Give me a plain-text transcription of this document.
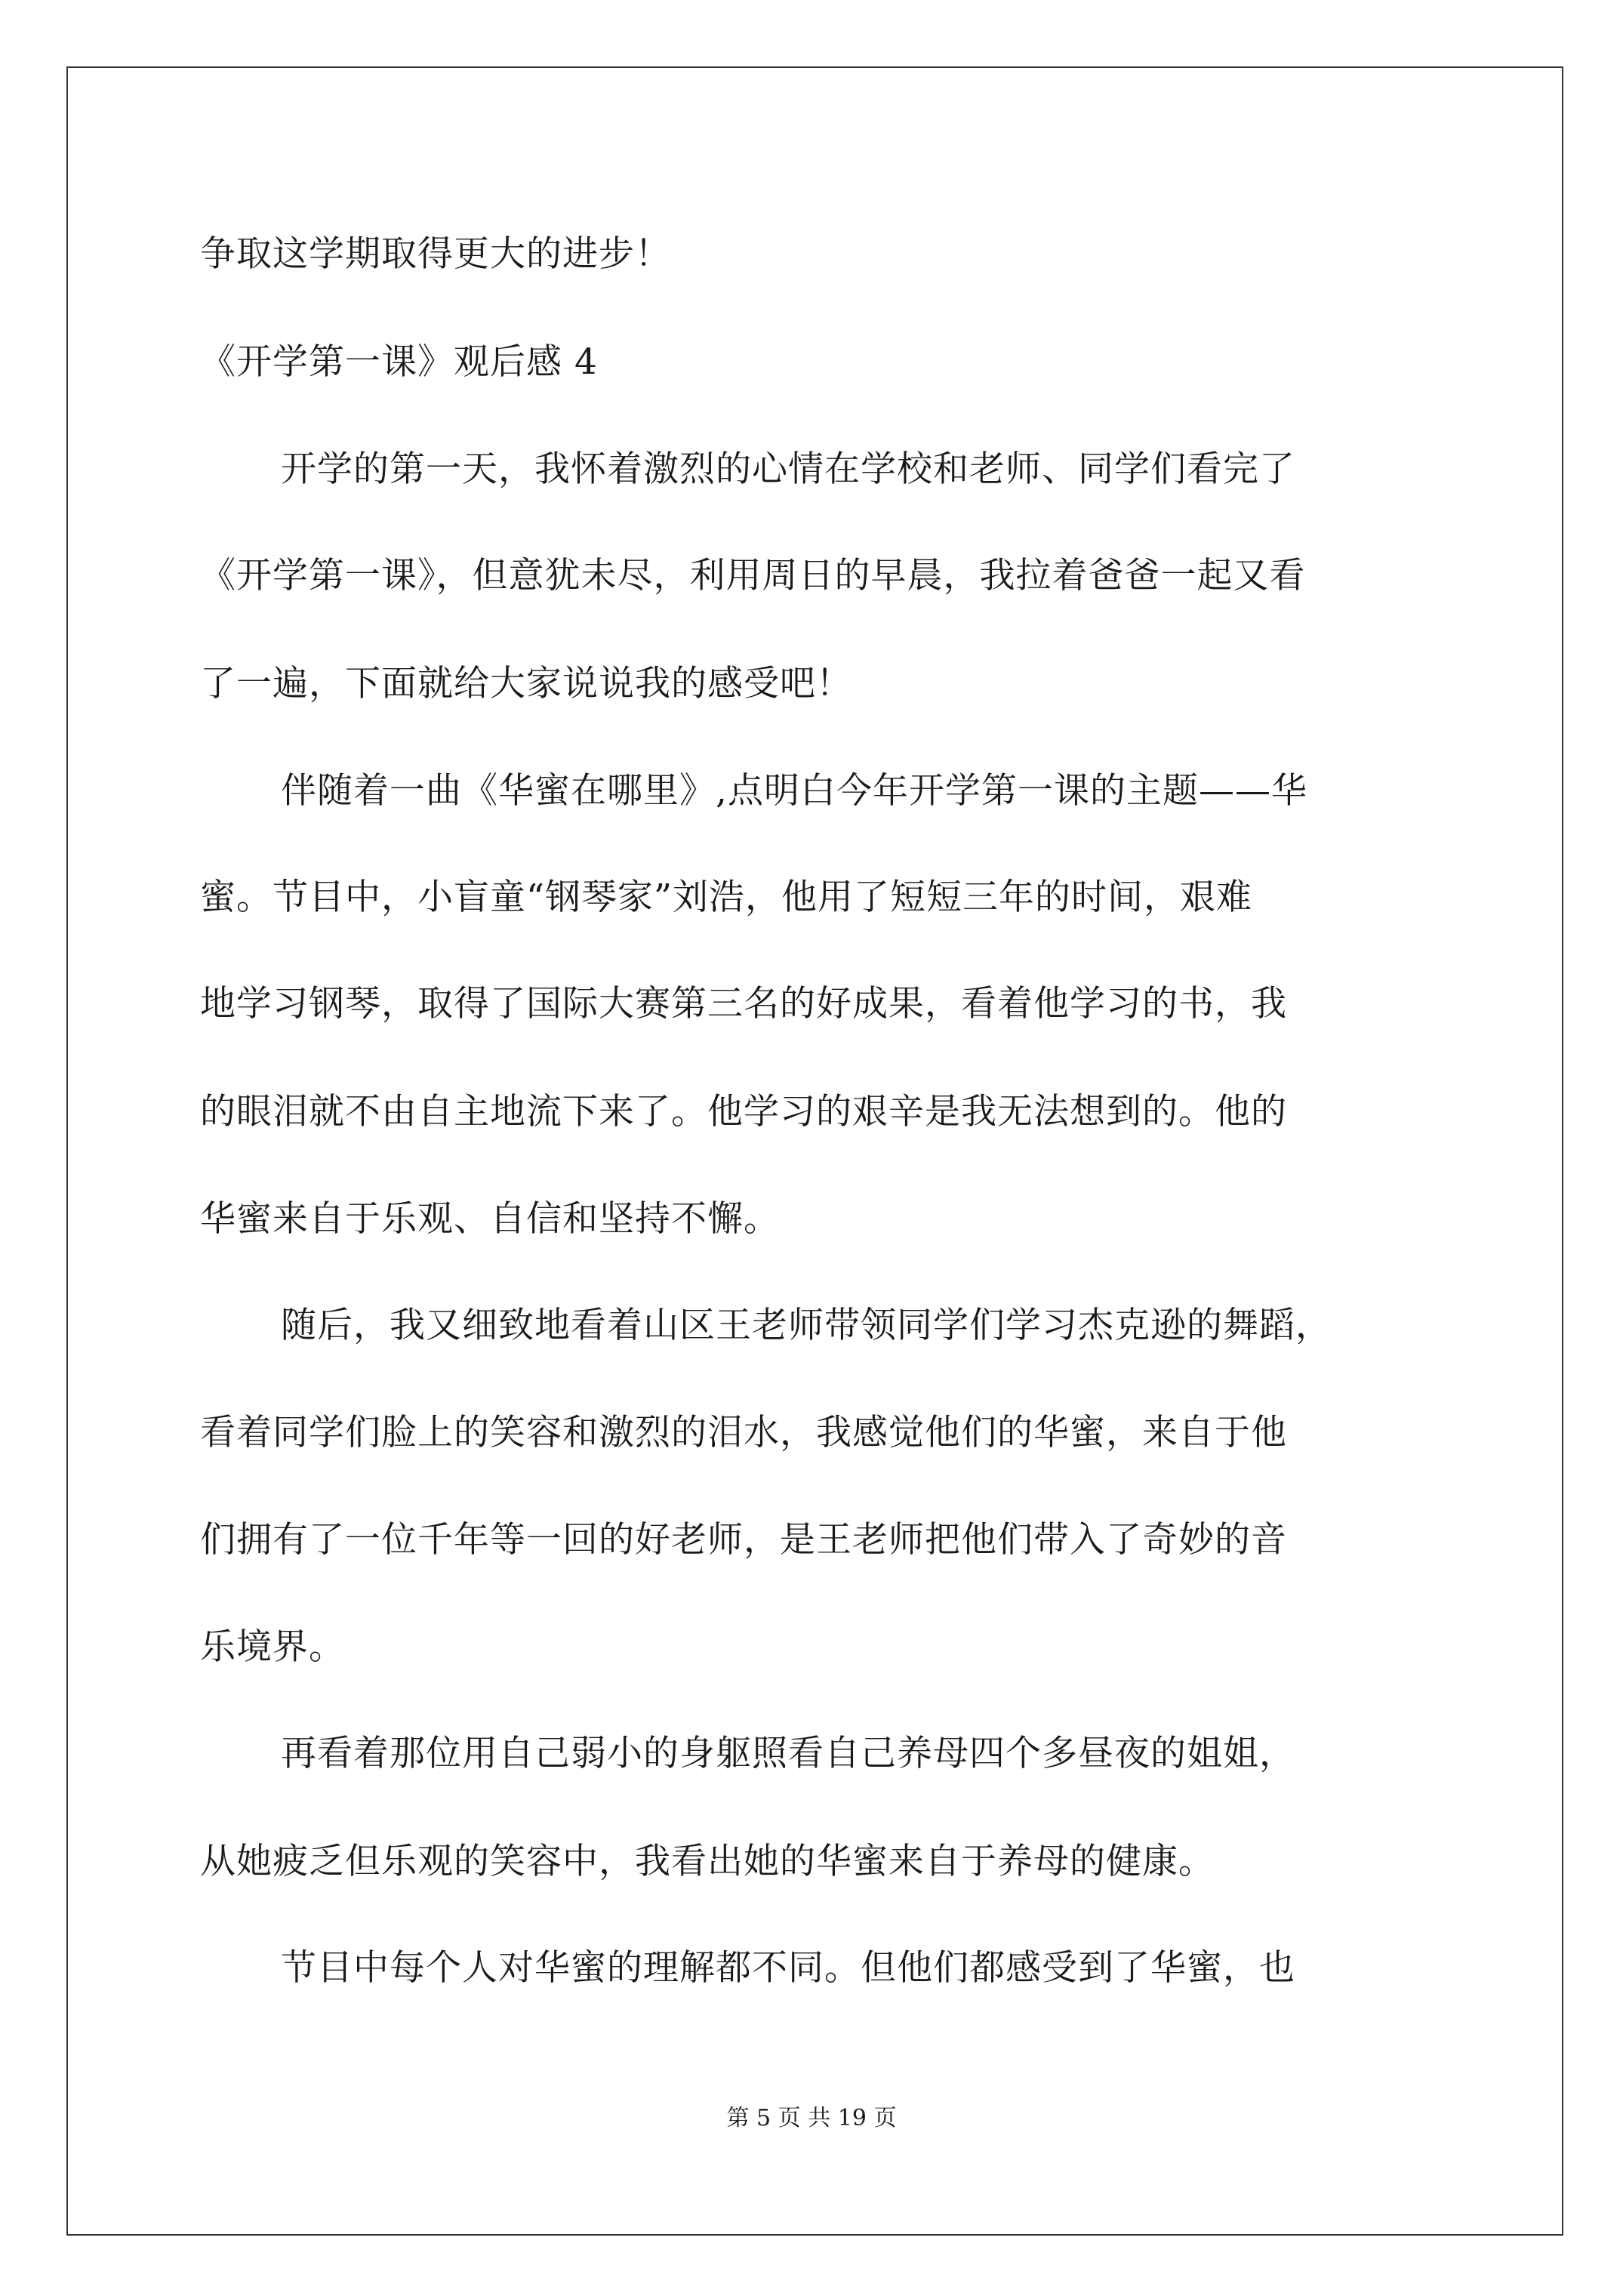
争取这学期取得更大的进步！
《开学第一课》观后感 4
开学的第一天，我怀着激烈的心情在学校和老师、同学们看完了
《开学第一课》，但意犹未尽，利用周日的早晨，我拉着爸爸一起又看
了一遍，下面就给大家说说我的感受吧！
伴随着一曲《华蜜在哪里》,点明白今年开学第一课的主题——华
蜜。节目中，小盲童“钢琴家”刘浩，他用了短短三年的时间，艰难
地学习钢琴，取得了国际大赛第三名的好成果，看着他学习的书，我
的眼泪就不由自主地流下来了。他学习的艰辛是我无法想到的。他的
华蜜来自于乐观、自信和坚持不懈。
随后，我又细致地看着山区王老师带领同学们学习杰克逊的舞蹈，
看着同学们脸上的笑容和激烈的泪水，我感觉他们的华蜜，来自于他
们拥有了一位千年等一回的好老师，是王老师把他们带入了奇妙的音
乐境界。
再看着那位用自己弱小的身躯照看自己养母四个多昼夜的姐姐，
从她疲乏但乐观的笑容中，我看出她的华蜜来自于养母的健康。
节目中每个人对华蜜的理解都不同。但他们都感受到了华蜜，也
第 5 页 共 19 页
